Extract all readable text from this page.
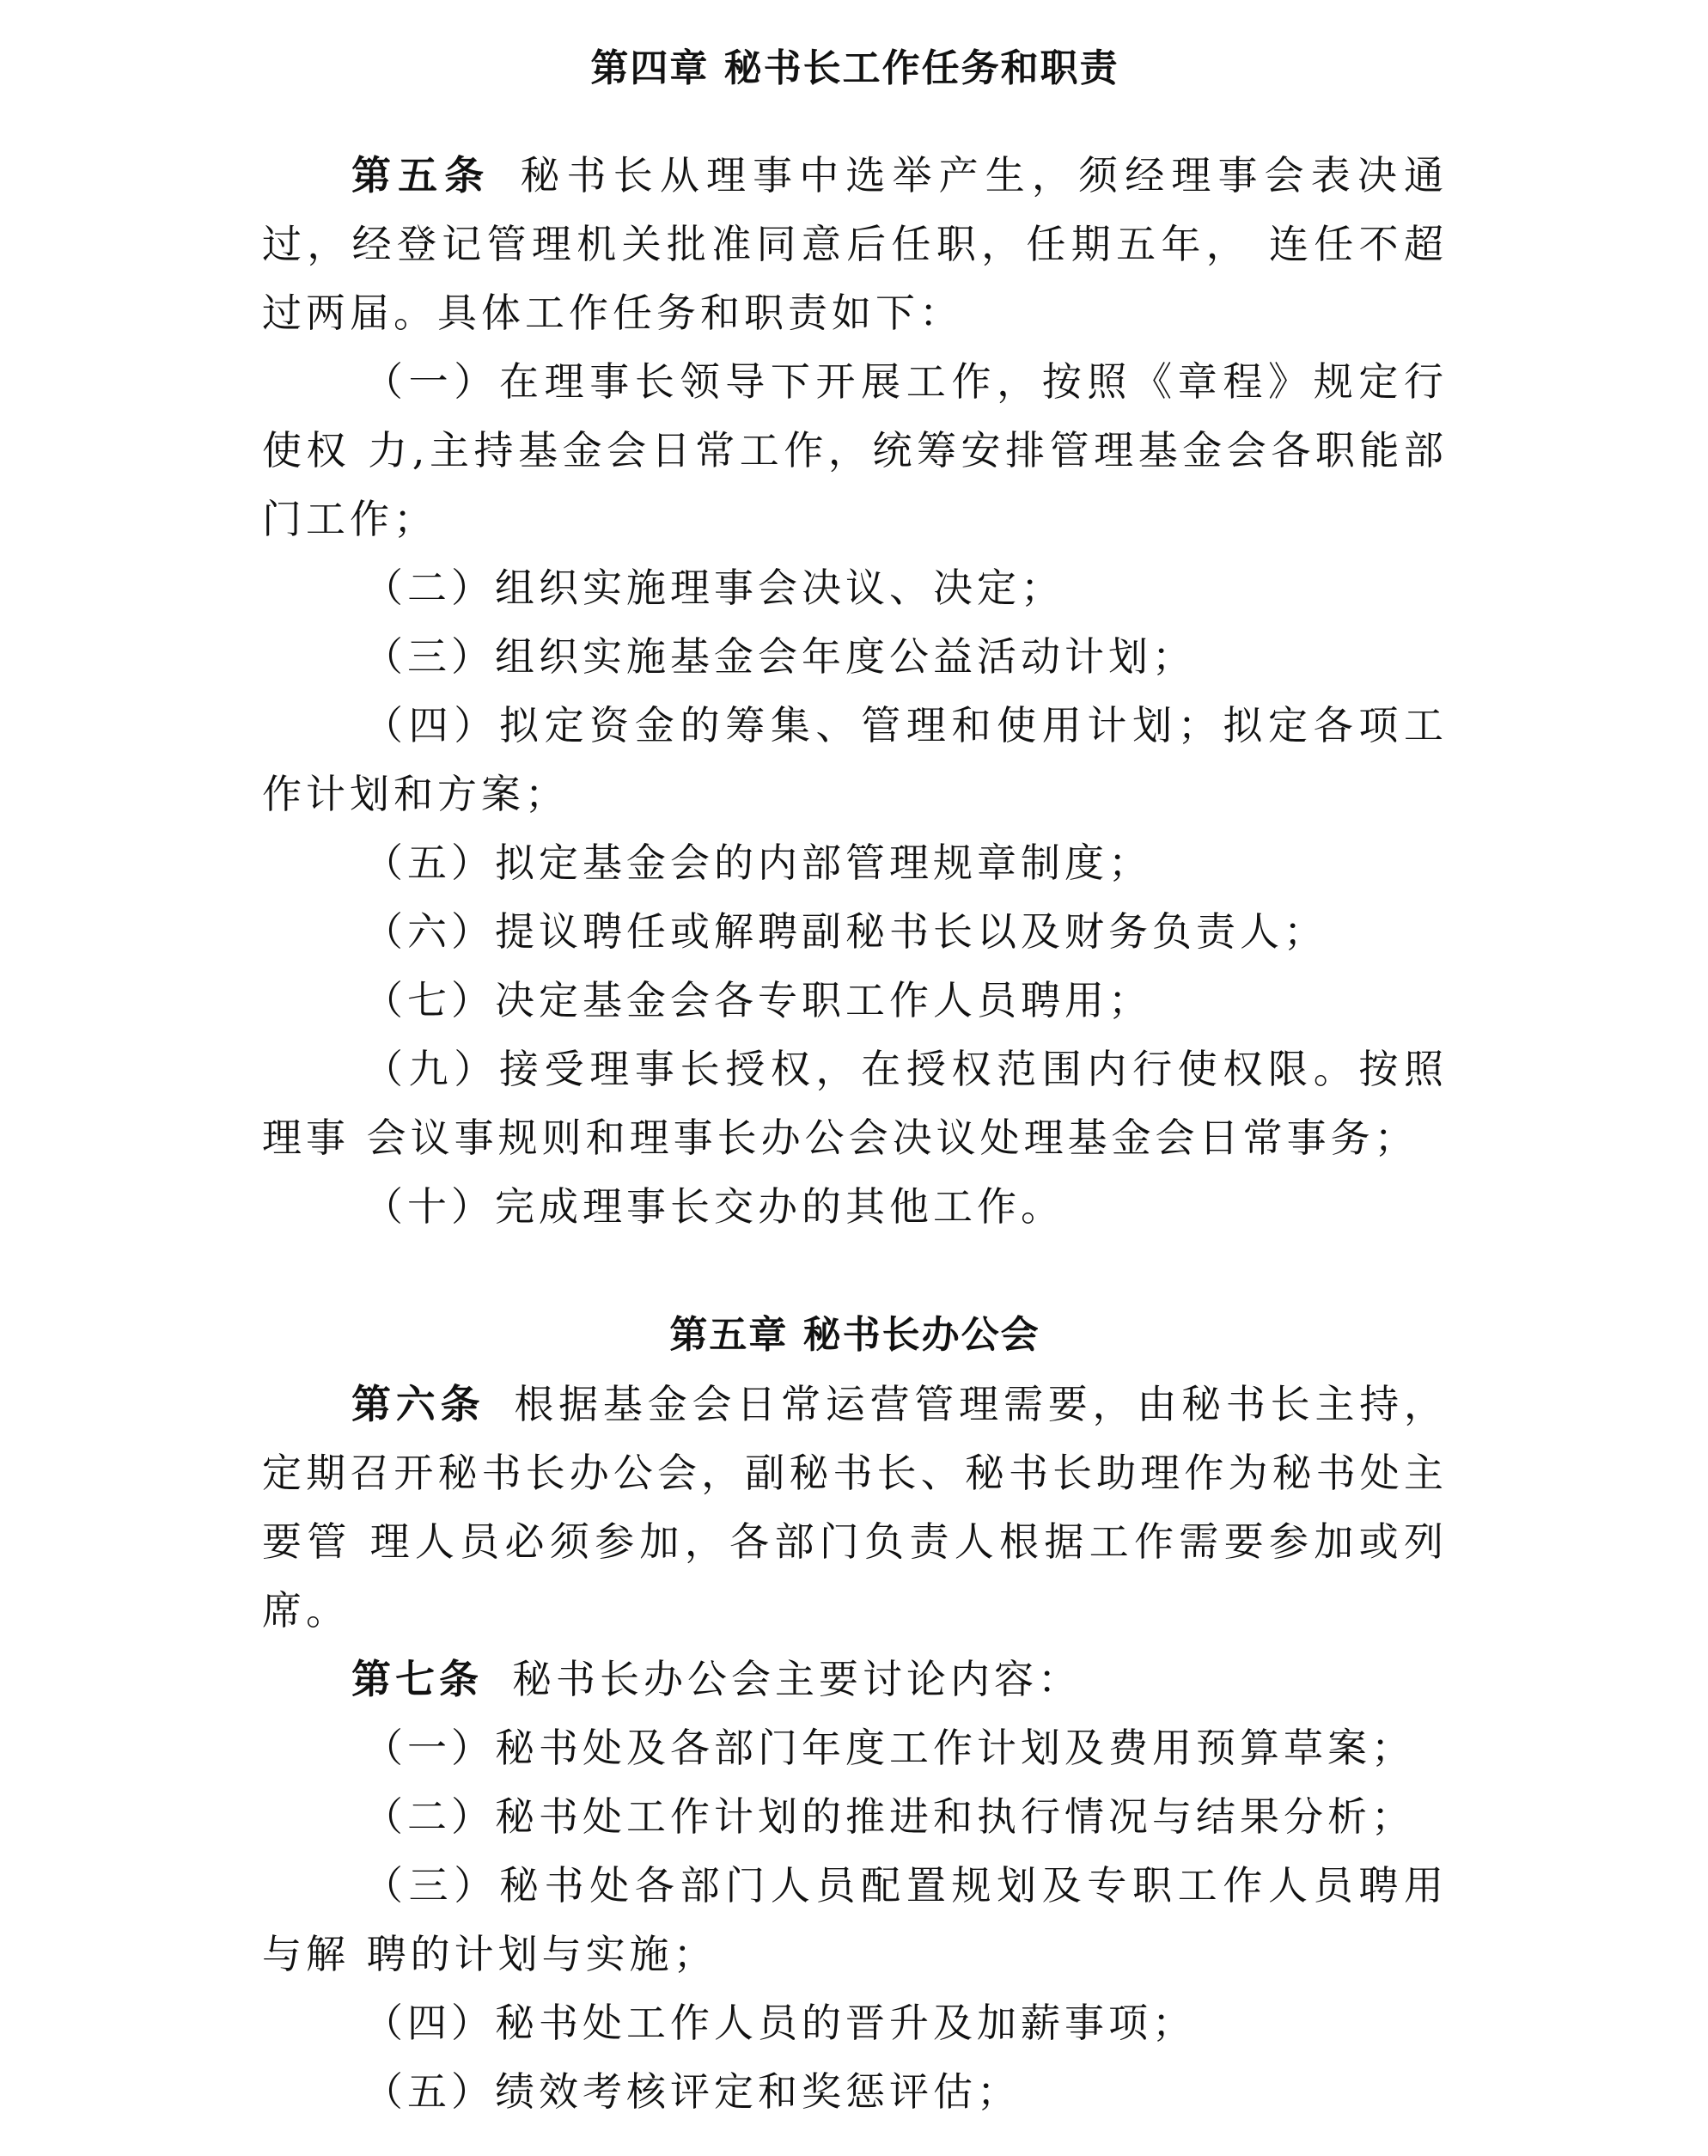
第四章 秘书长工作任务和职责

第五条 秘书长从理事中选举产生，须经理事会表决通过，经登记管理机关批准同意后任职，任期五年， 连任不超过两届。具体工作任务和职责如下：

（一）在理事长领导下开展工作，按照《章程》规定行使权 力,主持基金会日常工作，统筹安排管理基金会各职能部门工作；

（二）组织实施理事会决议、决定；

（三）组织实施基金会年度公益活动计划；

（四）拟定资金的筹集、管理和使用计划；拟定各项工作计划和方案；

（五）拟定基金会的内部管理规章制度；

（六）提议聘任或解聘副秘书长以及财务负责人；

（七）决定基金会各专职工作人员聘用；

（九）接受理事长授权，在授权范围内行使权限。按照理事 会议事规则和理事长办公会决议处理基金会日常事务；

（十）完成理事长交办的其他工作。

第五章 秘书长办公会

第六条 根据基金会日常运营管理需要，由秘书长主持，定期召开秘书长办公会，副秘书长、秘书长助理作为秘书处主要管 理人员必须参加，各部门负责人根据工作需要参加或列席。

第七条 秘书长办公会主要讨论内容：

（一）秘书处及各部门年度工作计划及费用预算草案；

（二）秘书处工作计划的推进和执行情况与结果分析；

（三）秘书处各部门人员配置规划及专职工作人员聘用与解 聘的计划与实施；

（四）秘书处工作人员的晋升及加薪事项；

（五）绩效考核评定和奖惩评估；
